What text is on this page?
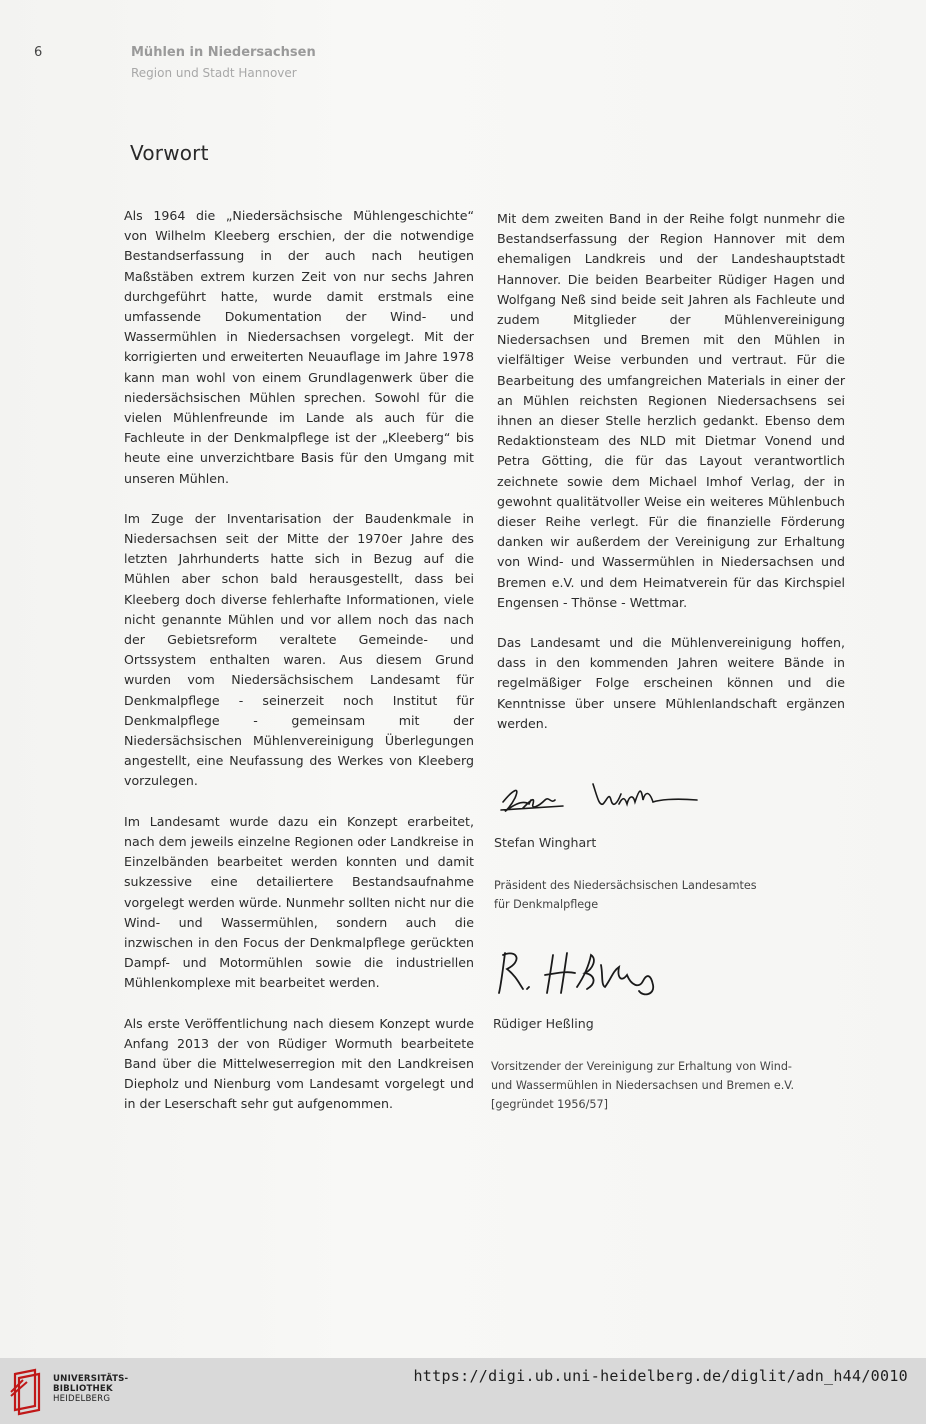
6	Mühlen in Niedersachsen
Region und Stadt Hannover
Vorwort

Als 1964 die „Niedersächsische Mühlengeschichte“ von Wilhelm Kleeberg erschien, der die notwendige Bestandserfassung in der auch nach heutigen Maßstäben extrem kurzen Zeit von nur sechs Jahren durchgeführt hatte, wurde damit erstmals eine umfassende Dokumentation der Wind- und Wassermühlen in Niedersachsen vorgelegt. Mit der korrigierten und erweiterten Neuauflage im Jahre 1978 kann man wohl von einem Grundlagenwerk über die niedersächsischen Mühlen sprechen. Sowohl für die vielen Mühlenfreunde im Lande als auch für die Fachleute in der Denkmalpflege ist der „Kleeberg“ bis heute eine unverzichtbare Basis für den Umgang mit unseren Mühlen.

Im Zuge der Inventarisation der Baudenkmale in Niedersachsen seit der Mitte der 1970er Jahre des letzten Jahrhunderts hatte sich in Bezug auf die Mühlen aber schon bald herausgestellt, dass bei Kleeberg doch diverse fehlerhafte Informationen, viele nicht genannte Mühlen und vor allem noch das nach der Gebietsreform veraltete Gemeinde- und Ortssystem enthalten waren. Aus diesem Grund wurden vom Niedersächsischem Landesamt für Denkmalpflege - seinerzeit noch Institut für Denkmalpflege - gemeinsam mit der Niedersächsischen Mühlenvereinigung Überlegungen angestellt, eine Neufassung des Werkes von Kleeberg vorzulegen.

Im Landesamt wurde dazu ein Konzept erarbeitet, nach dem jeweils einzelne Regionen oder Landkreise in Einzelbänden bearbeitet werden konnten und damit sukzessive eine detailiertere Bestandsaufnahme vorgelegt werden würde. Nunmehr sollten nicht nur die Wind- und Wassermühlen, sondern auch die inzwischen in den Focus der Denkmalpflege gerückten Dampf- und Motormühlen sowie die industriellen Mühlenkomplexe mit bearbeitet werden.

Als erste Veröffentlichung nach diesem Konzept wurde Anfang 2013 der von Rüdiger Wormuth bearbeitete Band über die Mittelweserregion mit den Landkreisen Diepholz und Nienburg vom Landesamt vorgelegt und in der Leserschaft sehr gut aufgenommen.

Mit dem zweiten Band in der Reihe folgt nunmehr die Bestandserfassung der Region Hannover mit dem ehemaligen Landkreis und der Landeshauptstadt Hannover. Die beiden Bearbeiter Rüdiger Hagen und Wolfgang Neß sind beide seit Jahren als Fachleute und zudem Mitglieder der Mühlenvereinigung Niedersachsen und Bremen mit den Mühlen in vielfältiger Weise verbunden und vertraut. Für die Bearbeitung des umfangreichen Materials in einer der an Mühlen reichsten Regionen Niedersachsens sei ihnen an dieser Stelle herzlich gedankt. Ebenso dem Redaktionsteam des NLD mit Dietmar Vonend und Petra Götting, die für das Layout verantwortlich zeichnete sowie dem Michael Imhof Verlag, der in gewohnt qualitätvoller Weise ein weiteres Mühlenbuch dieser Reihe verlegt. Für die finanzielle Förderung danken wir außerdem der Vereinigung zur Erhaltung von Wind- und Wassermühlen in Niedersachsen und Bremen e.V. und dem Heimatverein für das Kirchspiel Engensen - Thönse - Wettmar.

Das Landesamt und die Mühlenvereinigung hoffen, dass in den kommenden Jahren weitere Bände in regelmäßiger Folge erscheinen können und die Kenntnisse über unsere Mühlenlandschaft ergänzen werden.

Stefan Winghart
Präsident des Niedersächsischen Landesamtes
für Denkmalpflege
Rüdiger Heßling
Vorsitzender der Vereinigung zur Erhaltung von Wind-
und Wassermühlen in Niedersachsen und Bremen e.V.
[gegründet 1956/57]
UNIVERSITÄTS-
BIBLIOTHEK
HEIDELBERG
https://digi.ub.uni-heidelberg.de/diglit/adn_h44/0010
